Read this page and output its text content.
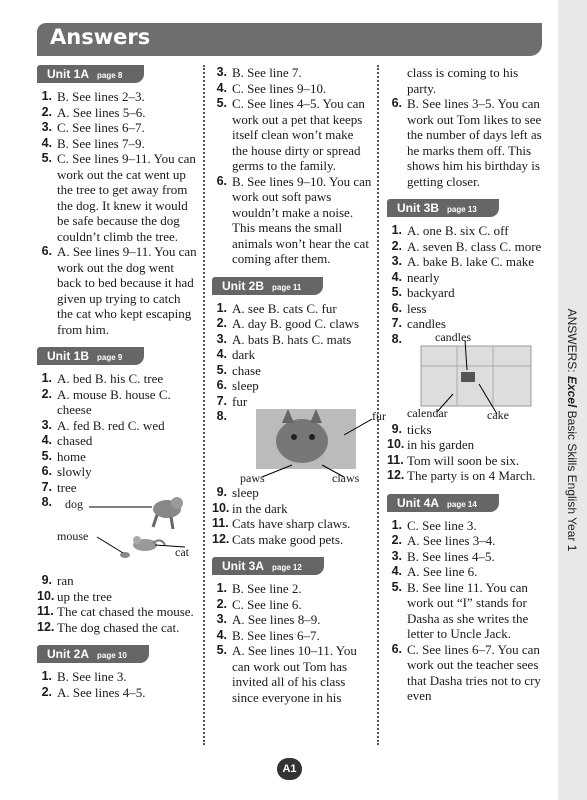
Answers
ANSWERS: Excel Basic Skills English Year 1
Unit 1A page 8
1. B. See lines 2–3.
2. A. See lines 5–6.
3. C. See lines 6–7.
4. B. See lines 7–9.
5. C. See lines 9–11. You can work out the cat went up the tree to get away from the dog. It knew it would be safe because the dog couldn’t climb the tree.
6. A. See lines 9–11. You can work out the dog went back to bed because it had given up trying to catch the cat who kept escaping from him.
Unit 1B page 9
1. A. bed B. his C. tree
2. A. mouse B. house C. cheese
3. A. fed B. red C. wed
4. chased
5. home
6. slowly
7. tree
8. dog
mouse
cat
9. ran
10. up the tree
11. The cat chased the mouse.
12. The dog chased the cat.
Unit 2A page 10
1. B. See line 3.
2. A. See lines 4–5.
3. B. See line 7.
4. C. See lines 9–10.
5. C. See lines 4–5. You can work out a pet that keeps itself clean won’t make the house dirty or spread germs to the family.
6. B. See lines 9–10. You can work out soft paws wouldn’t make a noise. This means the small animals won’t hear the cat coming after them.
Unit 2B page 11
1. A. see B. cats C. fur
2. A. day B. good C. claws
3. A. bats B. hats C. mats
4. dark
5. chase
6. sleep
7. fur
8.	fur
paws	claws
9. sleep
10. in the dark
11. Cats have sharp claws.
12. Cats make good pets.
Unit 3A page 12
1. B. See line 2.
2. C. See line 6.
3. A. See lines 8–9.
4. B. See lines 6–7.
5. A. See lines 10–11. You can work out Tom has invited all of his class since everyone in his
class is coming to his party.
6. B. See lines 3–5. You can work out Tom likes to see the number of days left as he marks them off. This shows him his birthday is getting closer.
Unit 3B page 13
1. A. one B. six C. off
2. A. seven B. class C. more
3. A. bake B. lake C. make
4. nearly
5. backyard
6. less
7. candles
8.	candles
calendar	cake
9. ticks
10. in his garden
11. Tom will soon be six.
12. The party is on 4 March.
Unit 4A page 14
1. C. See line 3.
2. A. See lines 3–4.
3. B. See lines 4–5.
4. A. See line 6.
5. B. See line 11. You can work out “I” stands for Dasha as she writes the letter to Uncle Jack.
6. C. See lines 6–7. You can work out the teacher sees that Dasha tries not to cry even
A1
